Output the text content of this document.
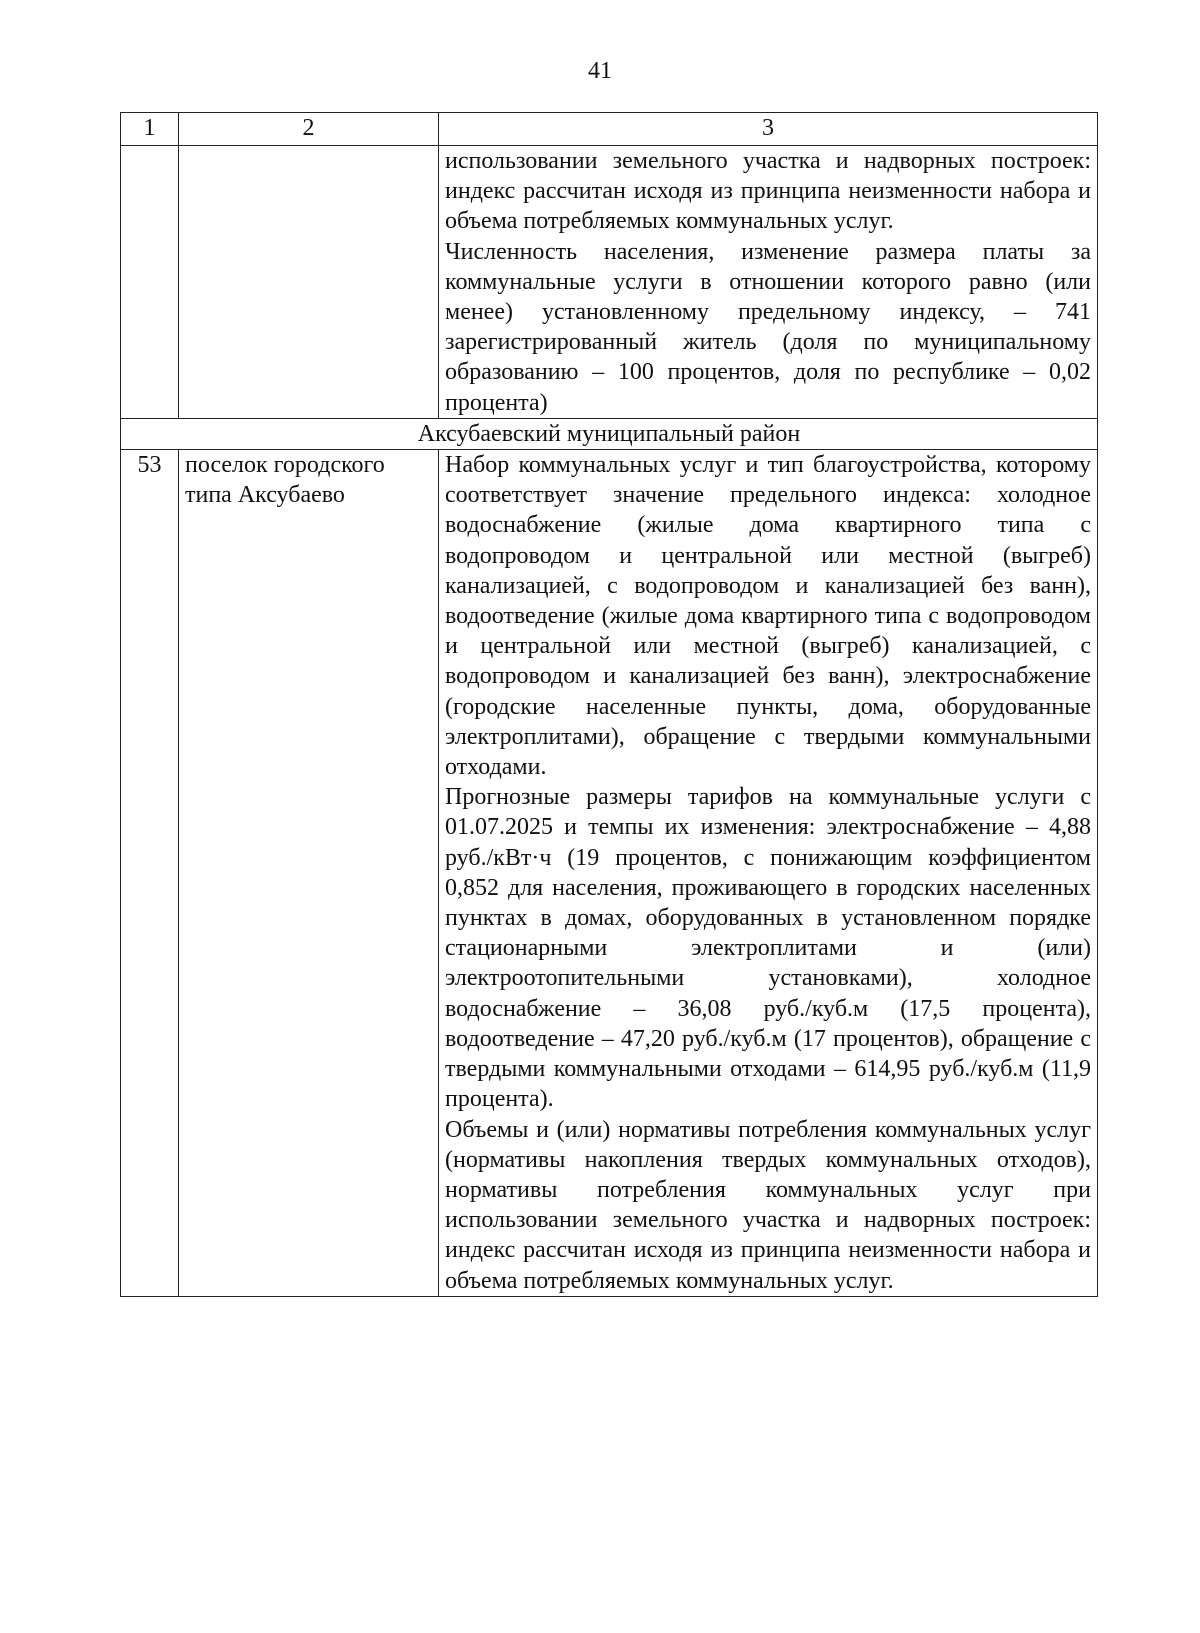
41
1	2	3

		использовании земельного участка и надворных построек: индекс рассчитан исходя из принципа неизменности набора и объема потребляемых коммунальных услуг.

Численность населения, изменение размера платы за коммунальные услуги в отношении которого равно (или менее) установленному предельному индексу, – 741 зарегистрированный житель (доля по муниципальному образованию – 100 процентов, доля по республике – 0,02 процента)

Аксубаевский муниципальный район		
53	поселок городского типа Аксубаево	Набор коммунальных услуг и тип благоустройства, которому соответствует значение предельного индекса: холодное водоснабжение (жилые дома квартирного типа с водопроводом и центральной или местной (выгреб) канализацией, с водопроводом и канализацией без ванн), водоотведение (жилые дома квартирного типа с водопроводом и центральной или местной (выгреб) канализацией, с водопроводом и канализацией без ванн), электроснабжение (городские населенные пункты, дома, оборудованные электроплитами), обращение с твердыми коммунальными отходами.

Прогнозные размеры тарифов на коммунальные услуги с 01.07.2025 и темпы их изменения: электроснабжение – 4,88 руб./кВт·ч (19 процентов, с понижающим коэффициентом 0,852 для населения, проживающего в городских населенных пунктах в домах, оборудованных в установленном порядке стационарными электроплитами и (или) электроотопительными установками), холодное водоснабжение – 36,08 руб./куб.м (17,5 процента), водоотведение – 47,20 руб./куб.м (17 процентов), обращение с твердыми коммунальными отходами – 614,95 руб./куб.м (11,9 процента).

Объемы и (или) нормативы потребления коммунальных услуг (нормативы накопления твердых коммунальных отходов), нормативы потребления коммунальных услуг при использовании земельного участка и надворных построек: индекс рассчитан исходя из принципа неизменности набора и объема потребляемых коммунальных услуг.
